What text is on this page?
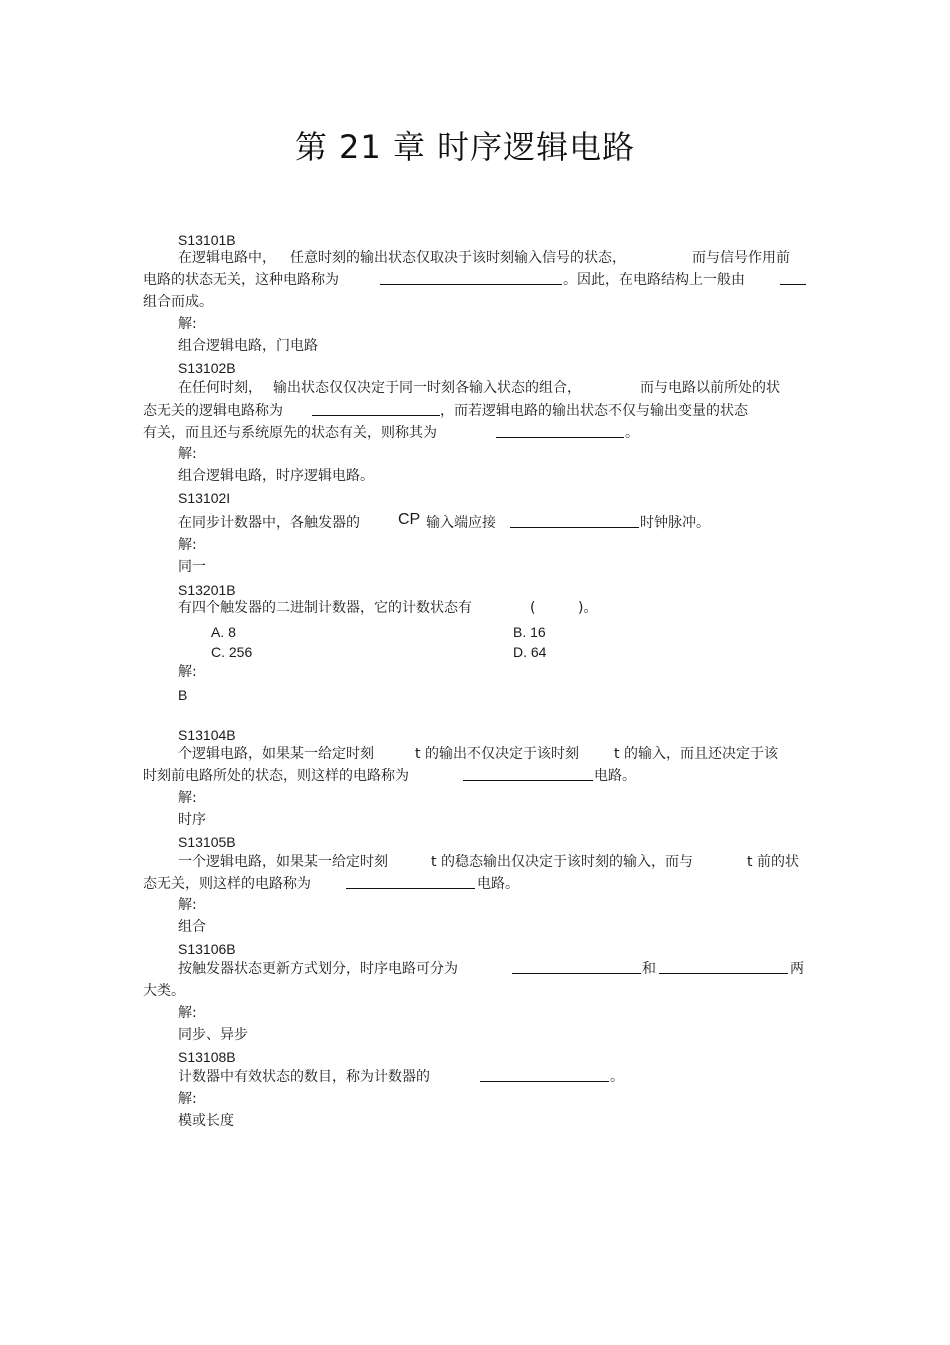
第 21 章 时序逻辑电路
S13101B
在逻辑电路中， 任意时刻的输出状态仅取决于该时刻输入信号的状态，	而与信号作用前
电路的状态无关，这种电路称为	。因此，在电路结构上一般由
组合而成。
解:
组合逻辑电路，门电路
S13102B
在任何时刻， 输出状态仅仅决定于同一时刻各输入状态的组合，	而与电路以前所处的状
态无关的逻辑电路称为	，而若逻辑电路的输出状态不仅与输出变量的状态
有关，而且还与系统原先的状态有关，则称其为	。
解:
组合逻辑电路，时序逻辑电路。
S13102I
在同步计数器中，各触发器的 CP 输入端应接	时钟脉冲。
解:
同一
S13201B
有四个触发器的二进制计数器，它的计数状态有	(	)。
A. 8	B. 16
C. 256	D. 64
解:
B
S13104B
个逻辑电路，如果某一给定时刻	t 的输出不仅决定于该时刻	t 的输入，而且还决定于该
时刻前电路所处的状态，则这样的电路称为	电路。
解:
时序
S13105B
一个逻辑电路，如果某一给定时刻	t 的稳态输出仅决定于该时刻的输入，而与	t 前的状
态无关，则这样的电路称为	电路。
解:
组合
S13106B
按触发器状态更新方式划分，时序电路可分为	和	两
大类。
解:
同步、异步
S13108B
计数器中有效状态的数目，称为计数器的	。
解:
模或长度
